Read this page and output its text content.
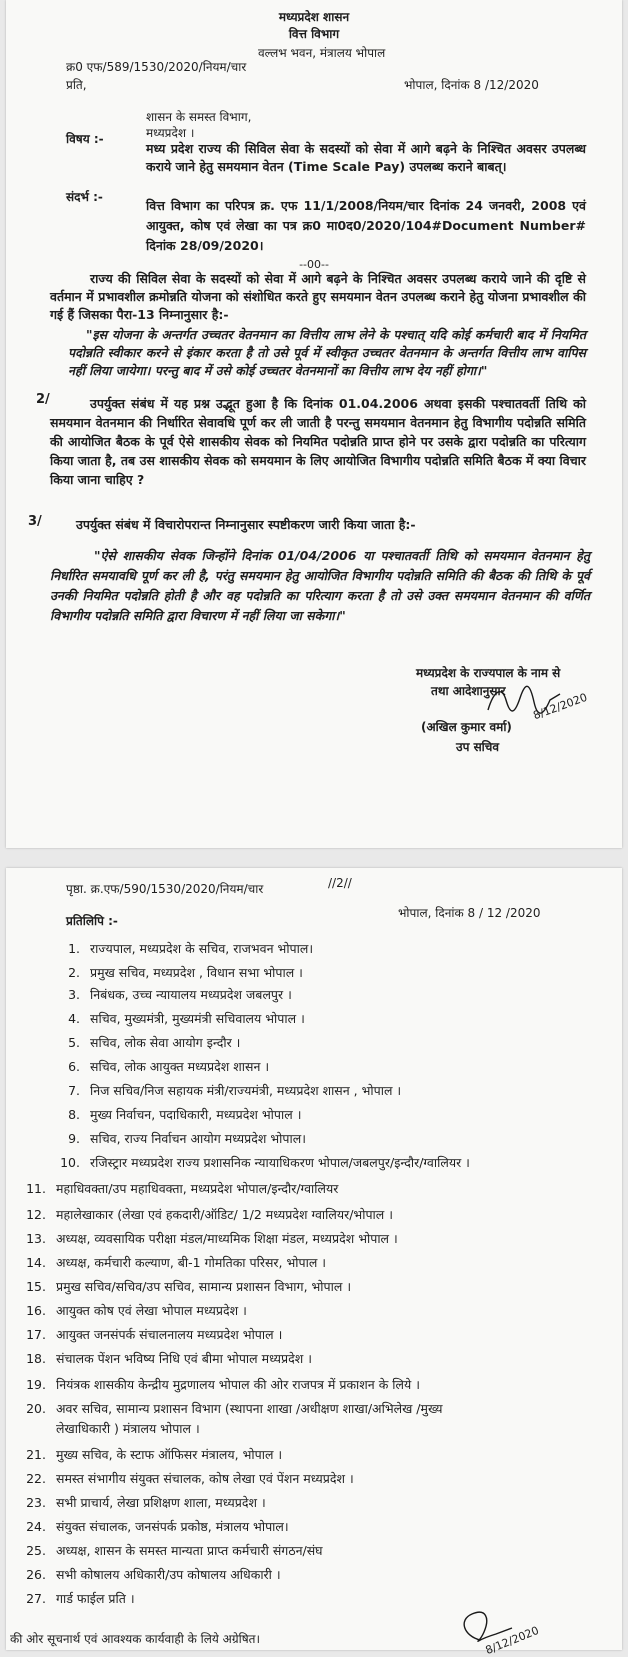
मध्यप्रदेश शासन
वित्त विभाग
वल्लभ भवन, मंत्रालय भोपाल
क्र0 एफ/589/1530/2020/नियम/चार
प्रति,	भोपाल, दिनांक 8 /12/2020
शासन के समस्त विभाग,
मध्यप्रदेश ।
विषय :-
मध्य प्रदेश राज्य की सिविल सेवा के सदस्यों को सेवा में आगे बढ़ने के निश्चित अवसर उपलब्ध कराये जाने हेतु समयमान वेतन (Time Scale Pay) उपलब्ध कराने बाबत्।
संदर्भ :-
वित्त विभाग का परिपत्र क्र. एफ 11/1/2008/नियम/चार दिनांक 24 जनवरी, 2008 एवं आयुक्त, कोष एवं लेखा का पत्र क्र0 मा0द0/2020/104#Document Number# दिनांक 28/09/2020।
--00--
राज्य की सिविल सेवा के सदस्यों को सेवा में आगे बढ़ने के निश्चित अवसर उपलब्ध कराये जाने की दृष्टि से वर्तमान में प्रभावशील क्रमोन्नति योजना को संशोधित करते हुए समयमान वेतन उपलब्ध कराने हेतु योजना प्रभावशील की गई हैं जिसका पैरा-13 निम्नानुसार है:-
"इस योजना के अन्तर्गत उच्चतर वेतनमान का वित्तीय लाभ लेने के पश्चात् यदि कोई कर्मचारी बाद में नियमित पदोन्नति स्वीकार करने से इंकार करता है तो उसे पूर्व में स्वीकृत उच्चतर वेतनमान के अन्तर्गत वित्तीय लाभ वापिस नहीं लिया जायेगा। परन्तु बाद में उसे कोई उच्चतर वेतनमानों का वित्तीय लाभ देय नहीं होगा।"
2/	उपर्युक्त संबंध में यह प्रश्न उद्भूत हुआ है कि दिनांक 01.04.2006 अथवा इसकी पश्चातवर्ती तिथि को समयमान वेतनमान की निर्धारित सेवावधि पूर्ण कर ली जाती है परन्तु समयमान वेतनमान हेतु विभागीय पदोन्नति समिति की आयोजित बैठक के पूर्व ऐसे शासकीय सेवक को नियमित पदोन्नति प्राप्त होने पर उसके द्वारा पदोन्नति का परित्याग किया जाता है, तब उस शासकीय सेवक को समयमान के लिए आयोजित विभागीय पदोन्नति समिति बैठक में क्या विचार किया जाना चाहिए ?
3/	उपर्युक्त संबंध में विचारोपरान्त निम्नानुसार स्पष्टीकरण जारी किया जाता है:-
"ऐसे शासकीय सेवक जिन्होंने दिनांक 01/04/2006 या पश्चातवर्ती तिथि को समयमान वेतनमान हेतु निर्धारित समयावधि पूर्ण कर ली है, परंतु समयमान हेतु आयोजित विभागीय पदोन्नति समिति की बैठक की तिथि के पूर्व उनकी नियमित पदोन्नति होती है और वह पदोन्नति का परित्याग करता है तो उसे उक्त समयमान वेतनमान की वर्णित विभागीय पदोन्नति समिति द्वारा विचारण में नहीं लिया जा सकेगा।"
मध्यप्रदेश के राज्यपाल के नाम से
तथा आदेशानुसार 8/12/2020
(अखिल कुमार वर्मा)
उप सचिव
पृष्ठा. क्र.एफ/590/1530/2020/नियम/चार	//2//
भोपाल, दिनांक 8 / 12 /2020
प्रतिलिपि :-
की ओर सूचनार्थ एवं आवश्यक कार्यवाही के लिये अग्रेषित।	8/12/2020
1. राज्यपाल, मध्यप्रदेश के सचिव, राजभवन भोपाल।
2. प्रमुख सचिव, मध्यप्रदेश , विधान सभा भोपाल ।
3. निबंधक, उच्च न्यायालय मध्यप्रदेश जबलपुर ।
4. सचिव, मुख्यमंत्री, मुख्यमंत्री सचिवालय भोपाल ।
5. सचिव, लोक सेवा आयोग इन्दौर ।
6. सचिव, लोक आयुक्त मध्यप्रदेश शासन ।
7. निज सचिव/निज सहायक मंत्री/राज्यमंत्री, मध्यप्रदेश शासन , भोपाल ।
8. मुख्य निर्वाचन, पदाधिकारी, मध्यप्रदेश भोपाल ।
9. सचिव, राज्य निर्वाचन आयोग मध्यप्रदेश भोपाल।
10. रजिस्ट्रार मध्यप्रदेश राज्य प्रशासनिक न्यायाधिकरण भोपाल/जबलपुर/इन्दौर/ग्वालियर ।
11. महाधिवक्ता/उप महाधिवक्ता, मध्यप्रदेश भोपाल/इन्दौर/ग्वालियर
12. महालेखाकार (लेखा एवं हकदारी/ऑडिट/ 1/2 मध्यप्रदेश ग्वालियर/भोपाल ।
13. अध्यक्ष, व्यवसायिक परीक्षा मंडल/माध्यमिक शिक्षा मंडल, मध्यप्रदेश भोपाल ।
14. अध्यक्ष, कर्मचारी कल्याण, बी-1 गोमतिका परिसर, भोपाल ।
15. प्रमुख सचिव/सचिव/उप सचिव, सामान्य प्रशासन विभाग, भोपाल ।
16. आयुक्त कोष एवं लेखा भोपाल मध्यप्रदेश ।
17. आयुक्त जनसंपर्क संचालनालय मध्यप्रदेश भोपाल ।
18. संचालक पेंशन भविष्य निधि एवं बीमा भोपाल मध्यप्रदेश ।
19. नियंत्रक शासकीय केन्द्रीय मुद्रणालय भोपाल की ओर राजपत्र में प्रकाशन के लिये ।
20. अवर सचिव, सामान्य प्रशासन विभाग (स्थापना शाखा /अधीक्षण शाखा/अभिलेख /मुख्य
लेखाधिकारी ) मंत्रालय भोपाल ।
21. मुख्य सचिव, के स्टाफ ऑफिसर मंत्रालय, भोपाल ।
22. समस्त संभागीय संयुक्त संचालक, कोष लेखा एवं पेंशन मध्यप्रदेश ।
23. सभी प्राचार्य, लेखा प्रशिक्षण शाला, मध्यप्रदेश ।
24. संयुक्त संचालक, जनसंपर्क प्रकोष्ठ, मंत्रालय भोपाल।
25. अध्यक्ष, शासन के समस्त मान्यता प्राप्त कर्मचारी संगठन/संघ
26. सभी कोषालय अधिकारी/उप कोषालय अधिकारी ।
27. गार्ड फाईल प्रति ।
